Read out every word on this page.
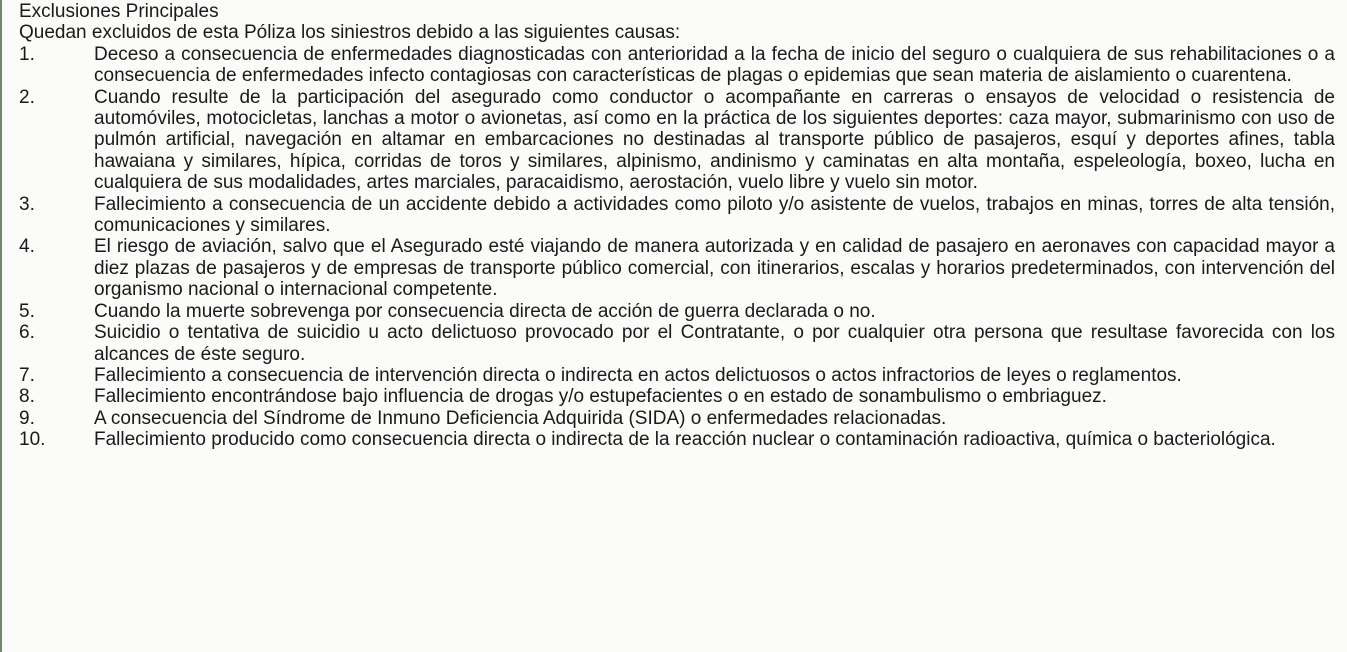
Exclusiones Principales

Quedan excluidos de esta Póliza los siniestros debido a las siguientes causas:

1.	Deceso a consecuencia de enfermedades diagnosticadas con anterioridad a la fecha de inicio del seguro o cualquiera de sus rehabilitaciones o a consecuencia de enfermedades infecto contagiosas con características de plagas o epidemias que sean materia de aislamiento o cuarentena.
2.	Cuando resulte de la participación del asegurado como conductor o acompañante en carreras o ensayos de velocidad o resistencia de automóviles, motocicletas, lanchas a motor o avionetas, así como en la práctica de los siguientes deportes: caza mayor, submarinismo con uso de pulmón artificial, navegación en altamar en embarcaciones no destinadas al transporte público de pasajeros, esquí y deportes afines, tabla hawaiana y similares, hípica, corridas de toros y similares, alpinismo, andinismo y caminatas en alta montaña, espeleología, boxeo, lucha en cualquiera de sus modalidades, artes marciales, paracaidismo, aerostación, vuelo libre y vuelo sin motor.
3.	Fallecimiento a consecuencia de un accidente debido a actividades como piloto y/o asistente de vuelos, trabajos en minas, torres de alta tensión, comunicaciones y similares.
4.	El riesgo de aviación, salvo que el Asegurado esté viajando de manera autorizada y en calidad de pasajero en aeronaves con capacidad mayor a diez plazas de pasajeros y de empresas de transporte público comercial, con itinerarios, escalas y horarios predeterminados, con intervención del organismo nacional o internacional competente.
5.	Cuando la muerte sobrevenga por consecuencia directa de acción de guerra declarada o no.
6.	Suicidio o tentativa de suicidio u acto delictuoso provocado por el Contratante, o por cualquier otra persona que resultase favorecida con los alcances de éste seguro.
7.	Fallecimiento a consecuencia de intervención directa o indirecta en actos delictuosos o actos infractorios de leyes o reglamentos.
8.	Fallecimiento encontrándose bajo influencia de drogas y/o estupefacientes o en estado de sonambulismo o embriaguez.
9.	A consecuencia del Síndrome de Inmuno Deficiencia Adquirida (SIDA) o enfermedades relacionadas.
10.	Fallecimiento producido como consecuencia directa o indirecta de la reacción nuclear o contaminación radioactiva, química o bacteriológica.
